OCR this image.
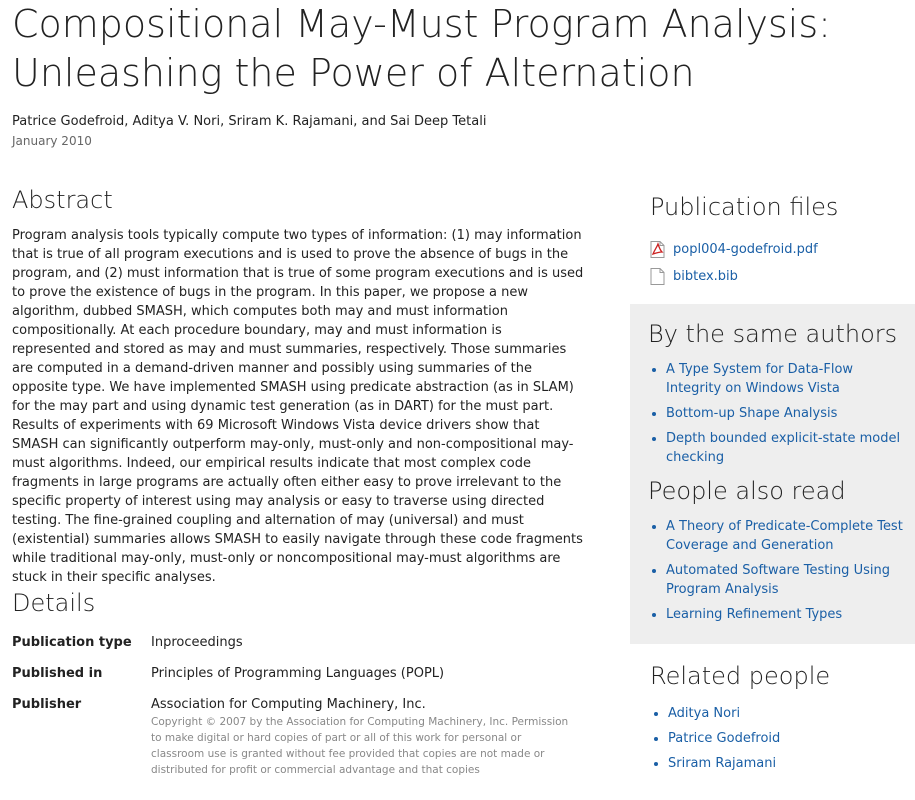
Compositional May-Must Program Analysis: Unleashing the Power of Alternation
Patrice Godefroid, Aditya V. Nori, Sriram K. Rajamani, and Sai Deep Tetali
January 2010
Abstract

Program analysis tools typically compute two types of information: (1) may information that is true of all program executions and is used to prove the absence of bugs in the program, and (2) must information that is true of some program executions and is used to prove the existence of bugs in the program. In this paper, we propose a new algorithm, dubbed SMASH, which computes both may and must information compositionally. At each procedure boundary, may and must information is represented and stored as may and must summaries, respectively. Those summaries are computed in a demand-driven manner and possibly using summaries of the opposite type. We have implemented SMASH using predicate abstraction (as in SLAM) for the may part and using dynamic test generation (as in DART) for the must part. Results of experiments with 69 Microsoft Windows Vista device drivers show that SMASH can significantly outperform may-only, must-only and non-compositional may-must algorithms. Indeed, our empirical results indicate that most complex code fragments in large programs are actually often either easy to prove irrelevant to the specific property of interest using may analysis or easy to traverse using directed testing. The fine-grained coupling and alternation of may (universal) and must (existential) summaries allows SMASH to easily navigate through these code fragments while traditional may-only, must-only or noncompositional may-must algorithms are stuck in their specific analyses.

Details
Publication type	Inproceedings
Published in	Principles of Programming Languages (POPL)
Publisher	Association for Computing Machinery, Inc.
Copyright © 2007 by the Association for Computing Machinery, Inc. Permission to make digital or hard copies of part or all of this work for personal or classroom use is granted without fee provided that copies are not made or distributed for profit or commercial advantage and that copies
Publication files
popl004-godefroid.pdf
bibtex.bib
By the same authors
• A Type System for Data-Flow Integrity on Windows Vista
• Bottom-up Shape Analysis
• Depth bounded explicit-state model checking
People also read
• A Theory of Predicate-Complete Test Coverage and Generation
• Automated Software Testing Using Program Analysis
• Learning Refinement Types
Related people
• Aditya Nori
• Patrice Godefroid
• Sriram Rajamani
